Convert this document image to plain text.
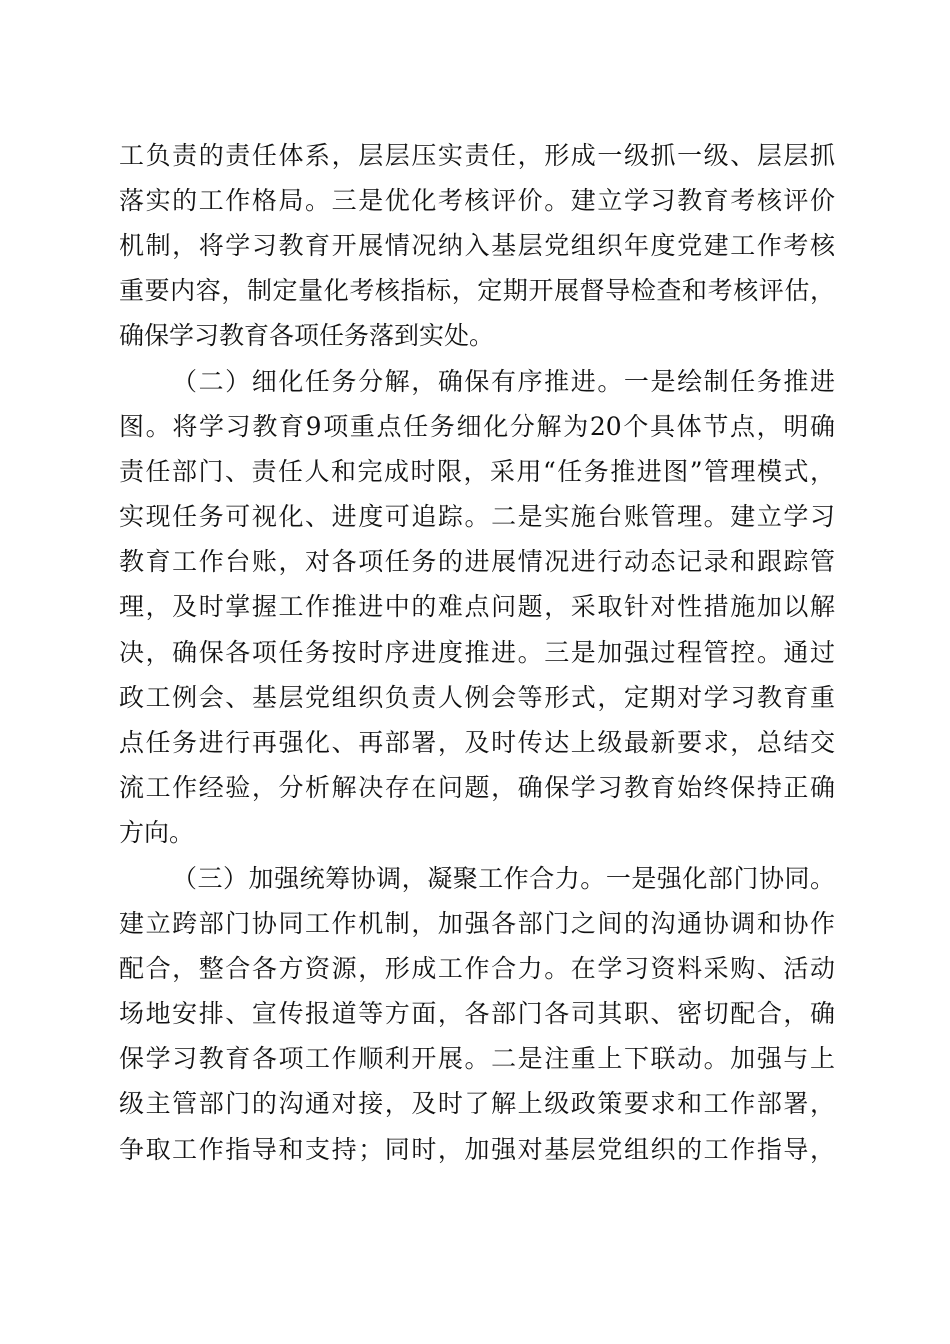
工负责的责任体系，层层压实责任，形成一级抓一级、层层抓
落实的工作格局。三是优化考核评价。建立学习教育考核评价
机制，将学习教育开展情况纳入基层党组织年度党建工作考核
重要内容，制定量化考核指标，定期开展督导检查和考核评估，
确保学习教育各项任务落到实处。
（二）细化任务分解，确保有序推进。一是绘制任务推进
图。将学习教育9项重点任务细化分解为20个具体节点，明确
责任部门、责任人和完成时限，采用“任务推进图”管理模式，
实现任务可视化、进度可追踪。二是实施台账管理。建立学习
教育工作台账，对各项任务的进展情况进行动态记录和跟踪管
理，及时掌握工作推进中的难点问题，采取针对性措施加以解
决，确保各项任务按时序进度推进。三是加强过程管控。通过
政工例会、基层党组织负责人例会等形式，定期对学习教育重
点任务进行再强化、再部署，及时传达上级最新要求，总结交
流工作经验，分析解决存在问题，确保学习教育始终保持正确
方向。
（三）加强统筹协调，凝聚工作合力。一是强化部门协同。
建立跨部门协同工作机制，加强各部门之间的沟通协调和协作
配合，整合各方资源，形成工作合力。在学习资料采购、活动
场地安排、宣传报道等方面，各部门各司其职、密切配合，确
保学习教育各项工作顺利开展。二是注重上下联动。加强与上
级主管部门的沟通对接，及时了解上级政策要求和工作部署，
争取工作指导和支持；同时，加强对基层党组织的工作指导，
